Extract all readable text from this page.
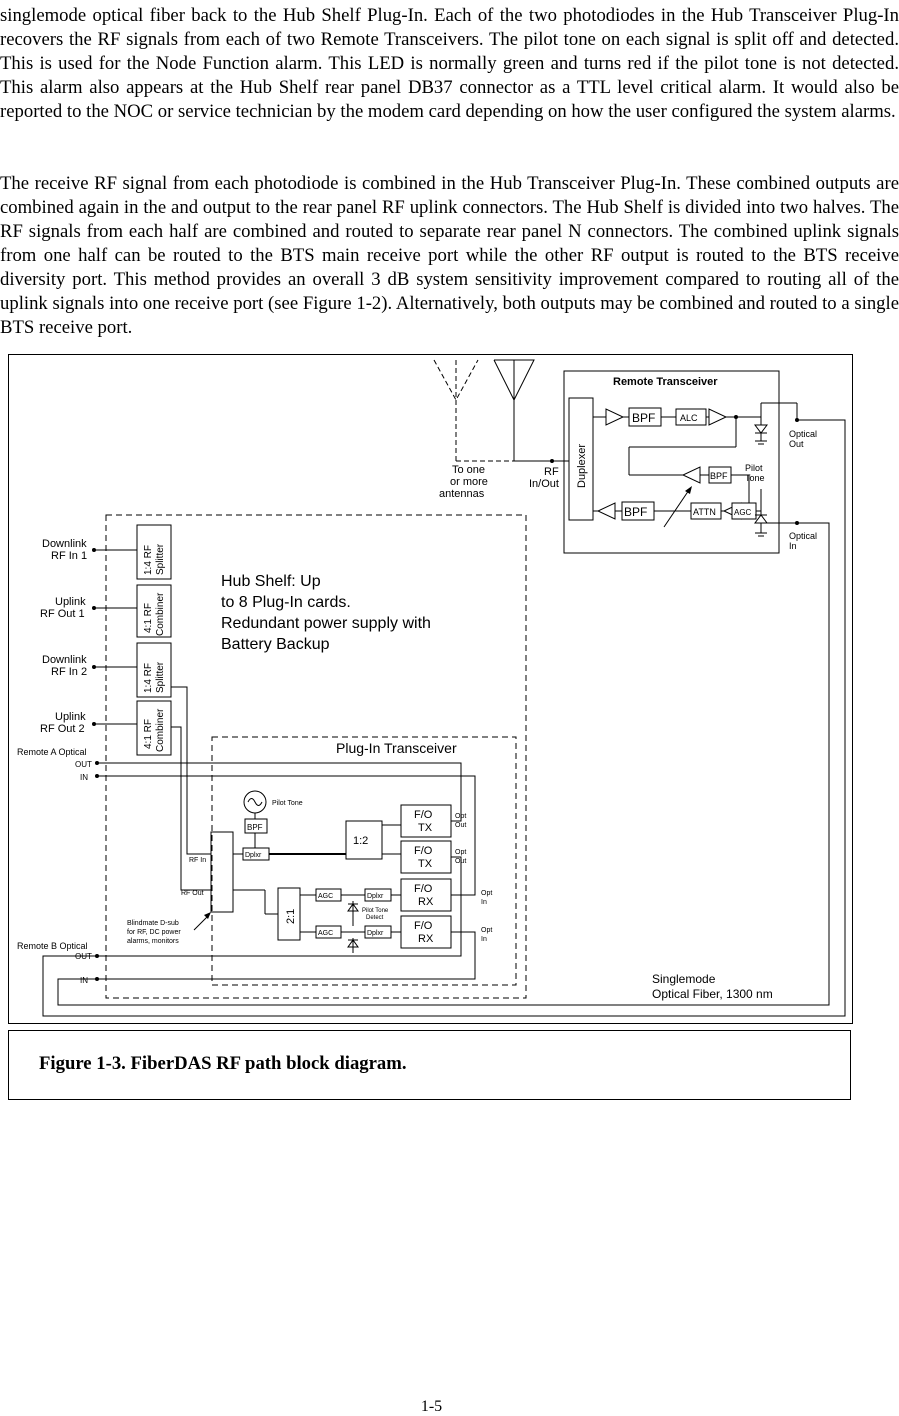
singlemode optical fiber back to the Hub Shelf Plug-In. Each of the two photodiodes in the Hub Transceiver Plug-In recovers the RF signals from each of two Remote Transceivers. The pilot tone on each signal is split off and detected. This is used for the Node Function alarm. This LED is normally green and turns red if the pilot tone is not detected. This alarm also appears at the Hub Shelf rear panel DB37 connector as a TTL level critical alarm. It would also be reported to the NOC or service technician by the modem card depending on how the user configured the system alarms.

The receive RF signal from each photodiode is combined in the Hub Transceiver Plug-In. These combined outputs are combined again in the and output to the rear panel RF uplink connectors. The Hub Shelf is divided into two halves. The RF signals from each half are combined and routed to separate rear panel N connectors. The combined uplink signals from one half can be routed to the BTS main receive port while the other RF output is routed to the BTS receive diversity port. This method provides an overall 3 dB system sensitivity improvement compared to routing all of the uplink signals into one receive port (see Figure 1-2). Alternatively, both outputs may be combined and routed to a single BTS receive port.

Remote Transceiver
Duplexer
BPF	ALC
Optical
Out
BPF
Pilot
Tone
BPF	ATTN AGC
Optical
In
To one
or more
antennas
RF
In/Out
Hub Shelf: Up
to 8 Plug-In cards.
Redundant power supply with
Battery Backup
Downlink
RF In 1	1:4 RF Splitter
Uplink
RF Out 1	4:1 RF Combiner
Downlink
RF In 2	1:4 RF Splitter
Uplink
RF Out 2	4:1 RF Combiner
Remote A Optical
OUT
IN
Plug-In Transceiver
Pilot Tone
BPF
Dplxr
RF In
1:2
F/O
TX
F/O
TX
Opt
Out
Opt
Out
F/O
RX
F/O
RX
Opt
In
Opt
In
Dplxr
Dplxr
AGC
AGC
2:1
RF Out
Pilot Tone
Detect
Blindmate D-sub
for RF, DC power
alarms, monitors
Remote B Optical
OUT
IN	Singlemode
Optical Fiber, 1300 nm
Figure 1-3. FiberDAS RF path block diagram.
1-5
